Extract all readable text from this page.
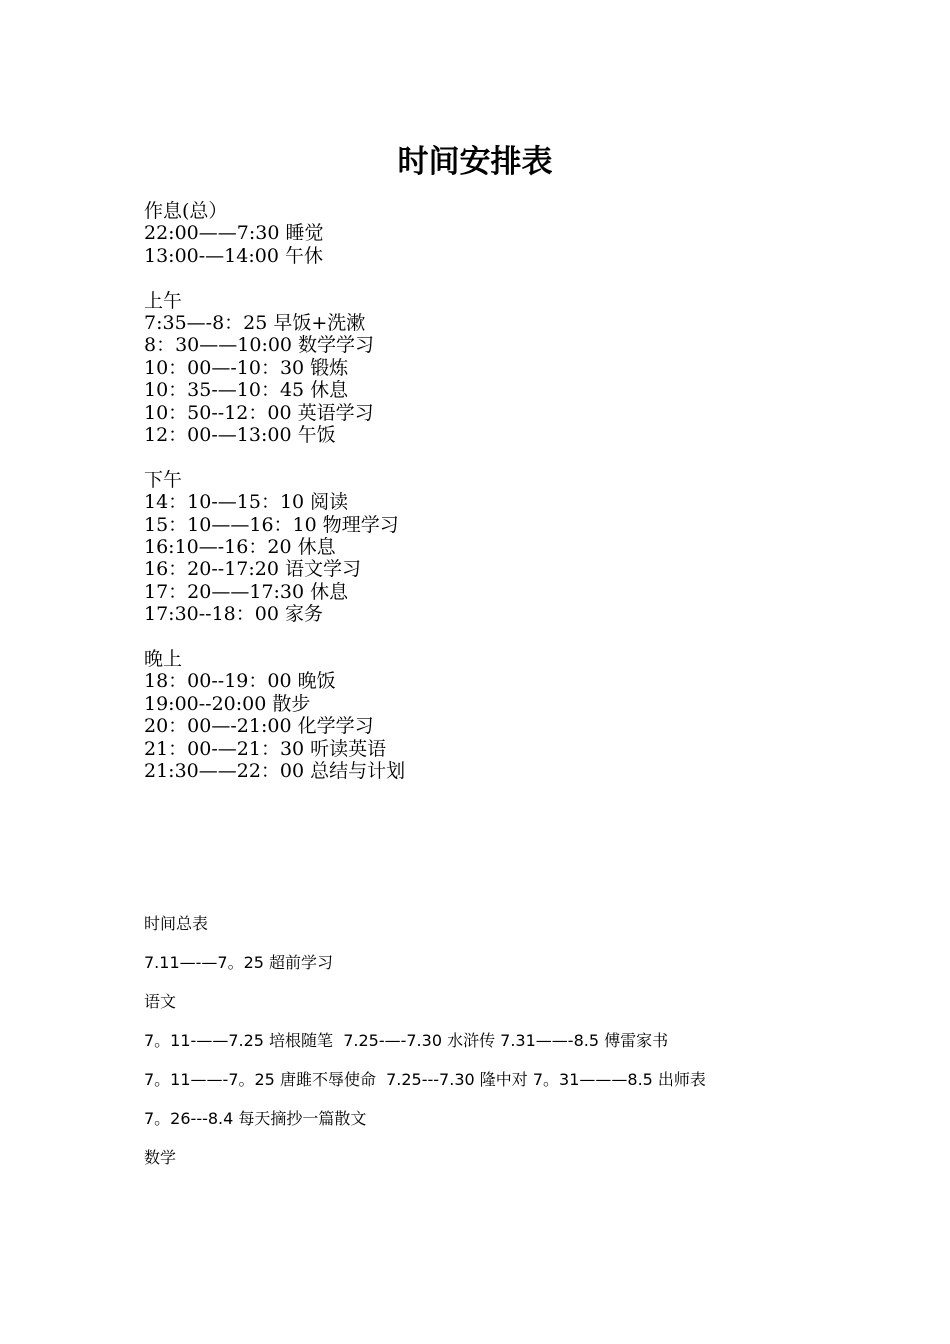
时间安排表
作息(总）
22:00——7:30 睡觉
13:00-—14:00 午休
上午
7:35—-8：25 早饭+洗漱
8：30——10:00 数学学习
10：00—-10：30 锻炼
10：35-—10：45 休息
10：50--12：00 英语学习
12：00-—13:00 午饭
下午
14：10-—15：10 阅读
15：10——16：10 物理学习
16:10—-16：20 休息
16：20--17:20 语文学习
17：20——17:30 休息
17:30--18：00 家务
晚上
18：00--19：00 晚饭
19:00--20:00 散步
20：00—-21:00 化学学习
21：00-—21：30 听读英语
21:30——22：00 总结与计划
时间总表
7.11—-—7。25 超前学习
语文
7。11-——7.25 培根随笔  7.25-—-7.30 水浒传 7.31——-8.5 傅雷家书
7。11——-7。25 唐雎不辱使命  7.25---7.30 隆中对 7。31———8.5 出师表
7。26---8.4 每天摘抄一篇散文
数学
